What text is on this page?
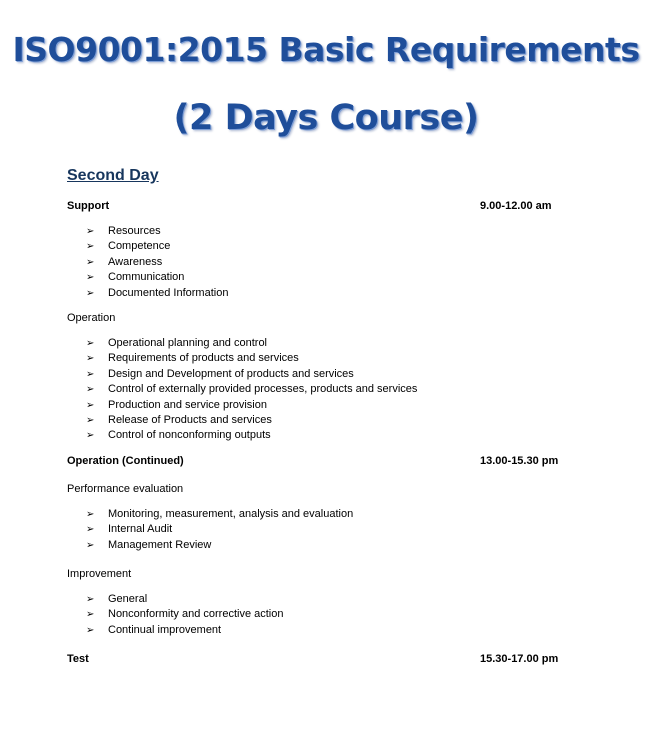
ISO9001:2015 Basic Requirements
(2 Days Course)
Second Day
Support	9.00-12.00 am
➢ Resources
➢ Competence
➢ Awareness
➢ Communication
➢ Documented Information
Operation
➢ Operational planning and control
➢ Requirements of products and services
➢ Design and Development of products and services
➢ Control of externally provided processes, products and services
➢ Production and service provision
➢ Release of Products and services
➢ Control of nonconforming outputs
Operation (Continued)	13.00-15.30 pm
Performance evaluation
➢ Monitoring, measurement, analysis and evaluation
➢ Internal Audit
➢ Management Review
Improvement
➢ General
➢ Nonconformity and corrective action
➢ Continual improvement
Test	15.30-17.00 pm
